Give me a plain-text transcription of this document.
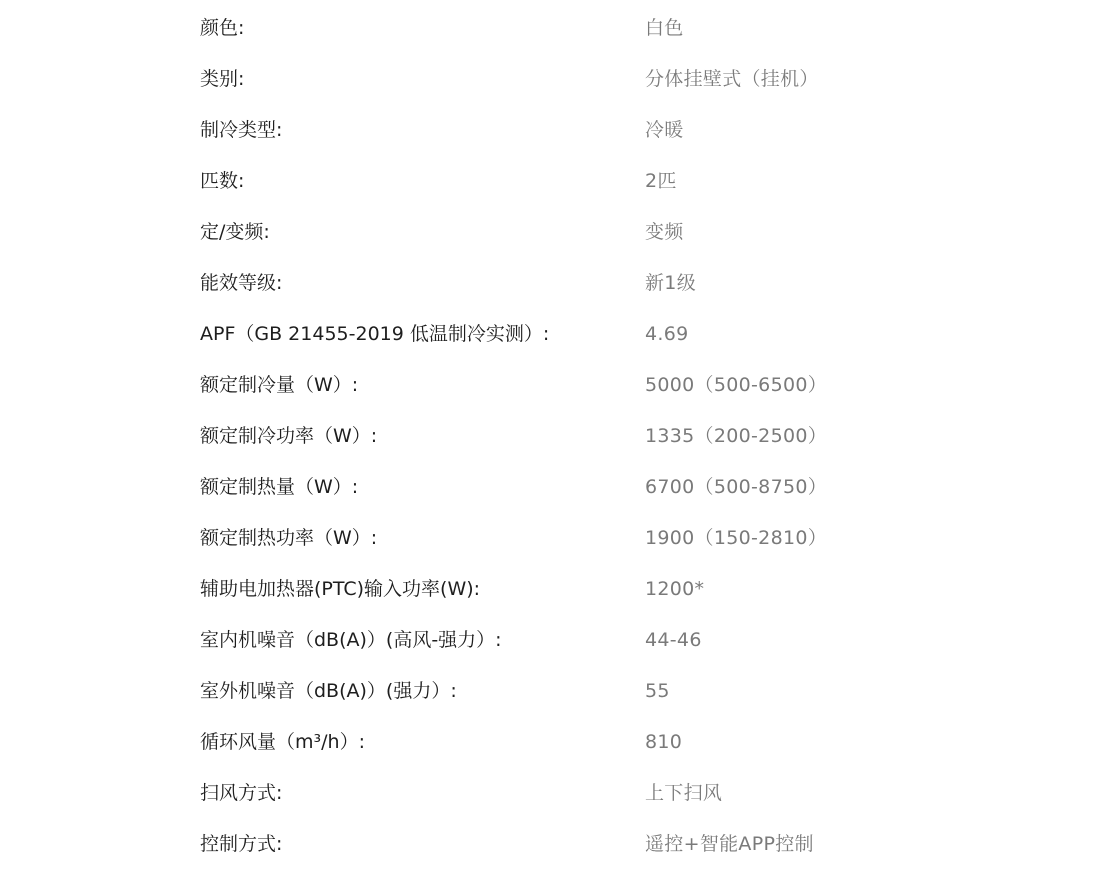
颜色:	白色
类别:	分体挂壁式（挂机）
制冷类型:	冷暖
匹数:	2匹
定/变频:	变频
能效等级:	新1级
APF（GB 21455-2019 低温制冷实测）:	4.69
额定制冷量（W）:	5000（500-6500）
额定制冷功率（W）:	1335（200-2500）
额定制热量（W）:	6700（500-8750）
额定制热功率（W）:	1900（150-2810）
辅助电加热器(PTC)输入功率(W):	1200*
室内机噪音（dB(A)）(高风-强力）:	44-46
室外机噪音（dB(A)）(强力）:	55
循环风量（m³/h）:	810
扫风方式:	上下扫风
控制方式:	遥控+智能APP控制
